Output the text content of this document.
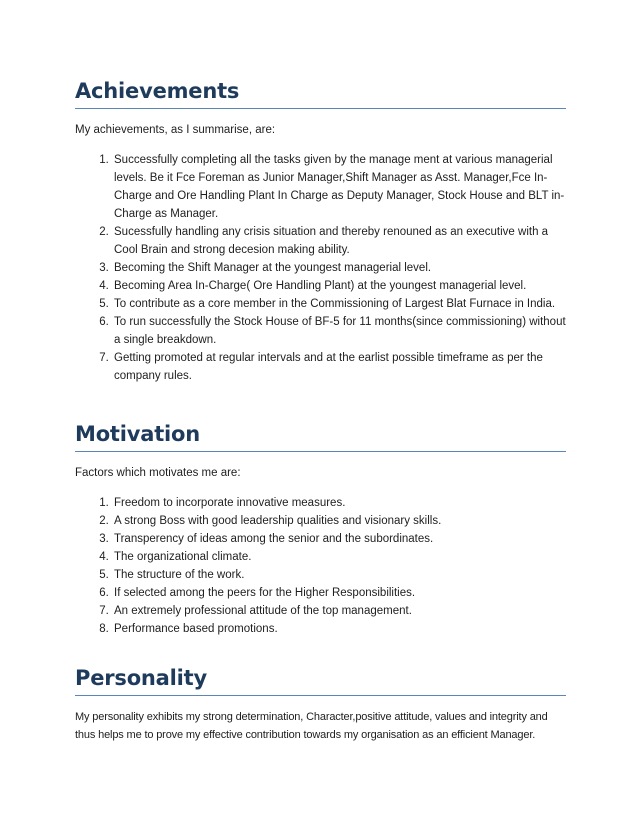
Achievements
My achievements, as I summarise, are:
1. Successfully completing all the tasks given by the manage ment at various managerial levels. Be it Fce Foreman as Junior Manager,Shift Manager as Asst. Manager,Fce In-Charge and Ore Handling Plant In Charge as Deputy Manager, Stock House and BLT in-Charge as Manager.
2. Sucessfully handling any crisis situation and thereby renouned as an executive with a Cool Brain and strong decesion making ability.
3. Becoming the Shift Manager at the youngest managerial level.
4. Becoming Area In-Charge( Ore Handling Plant) at the youngest managerial level.
5. To contribute as a core member in the Commissioning of Largest Blat Furnace in India.
6. To run successfully the Stock House of BF-5 for 11 months(since commissioning) without a single breakdown.
7. Getting promoted at regular intervals and at the earlist possible timeframe as per the company rules.
Motivation
Factors which motivates me are:
1. Freedom to incorporate innovative measures.
2. A strong Boss with good leadership qualities and visionary skills.
3. Transperency of ideas among the senior and the subordinates.
4. The organizational climate.
5. The structure of the work.
6. If selected among the peers for the Higher Responsibilities.
7. An extremely professional attitude of the top management.
8. Performance based promotions.
Personality
My personality exhibits my strong determination, Character,positive attitude, values and integrity and thus helps me to prove my effective contribution towards my organisation as an efficient Manager.
